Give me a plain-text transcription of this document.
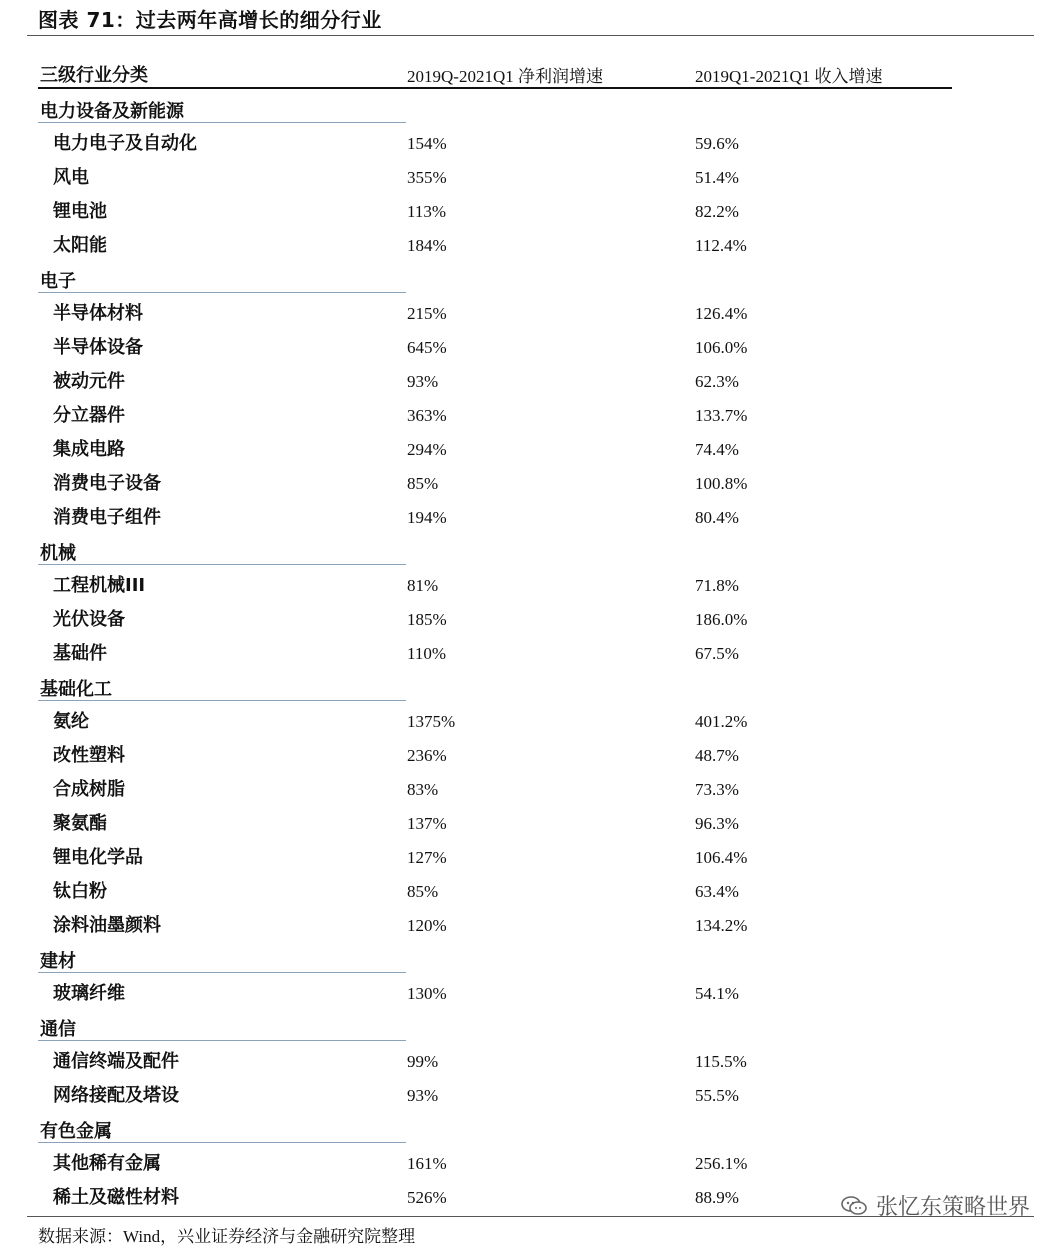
图表 71：过去两年高增长的细分行业
三级行业分类	2019Q-2021Q1 净利润增速	2019Q1-2021Q1 收入增速
电力设备及新能源
电力电子及自动化	154%	59.6%
风电	355%	51.4%
锂电池	113%	82.2%
太阳能	184%	112.4%
电子
半导体材料	215%	126.4%
半导体设备	645%	106.0%
被动元件	93%	62.3%
分立器件	363%	133.7%
集成电路	294%	74.4%
消费电子设备	85%	100.8%
消费电子组件	194%	80.4%
机械
工程机械III	81%	71.8%
光伏设备	185%	186.0%
基础件	110%	67.5%
基础化工
氨纶	1375%	401.2%
改性塑料	236%	48.7%
合成树脂	83%	73.3%
聚氨酯	137%	96.3%
锂电化学品	127%	106.4%
钛白粉	85%	63.4%
涂料油墨颜料	120%	134.2%
建材
玻璃纤维	130%	54.1%
通信
通信终端及配件	99%	115.5%
网络接配及塔设	93%	55.5%
有色金属
其他稀有金属	161%	256.1%
稀土及磁性材料	526%	88.9%
数据来源：Wind，兴业证券经济与金融研究院整理
张忆东策略世界
